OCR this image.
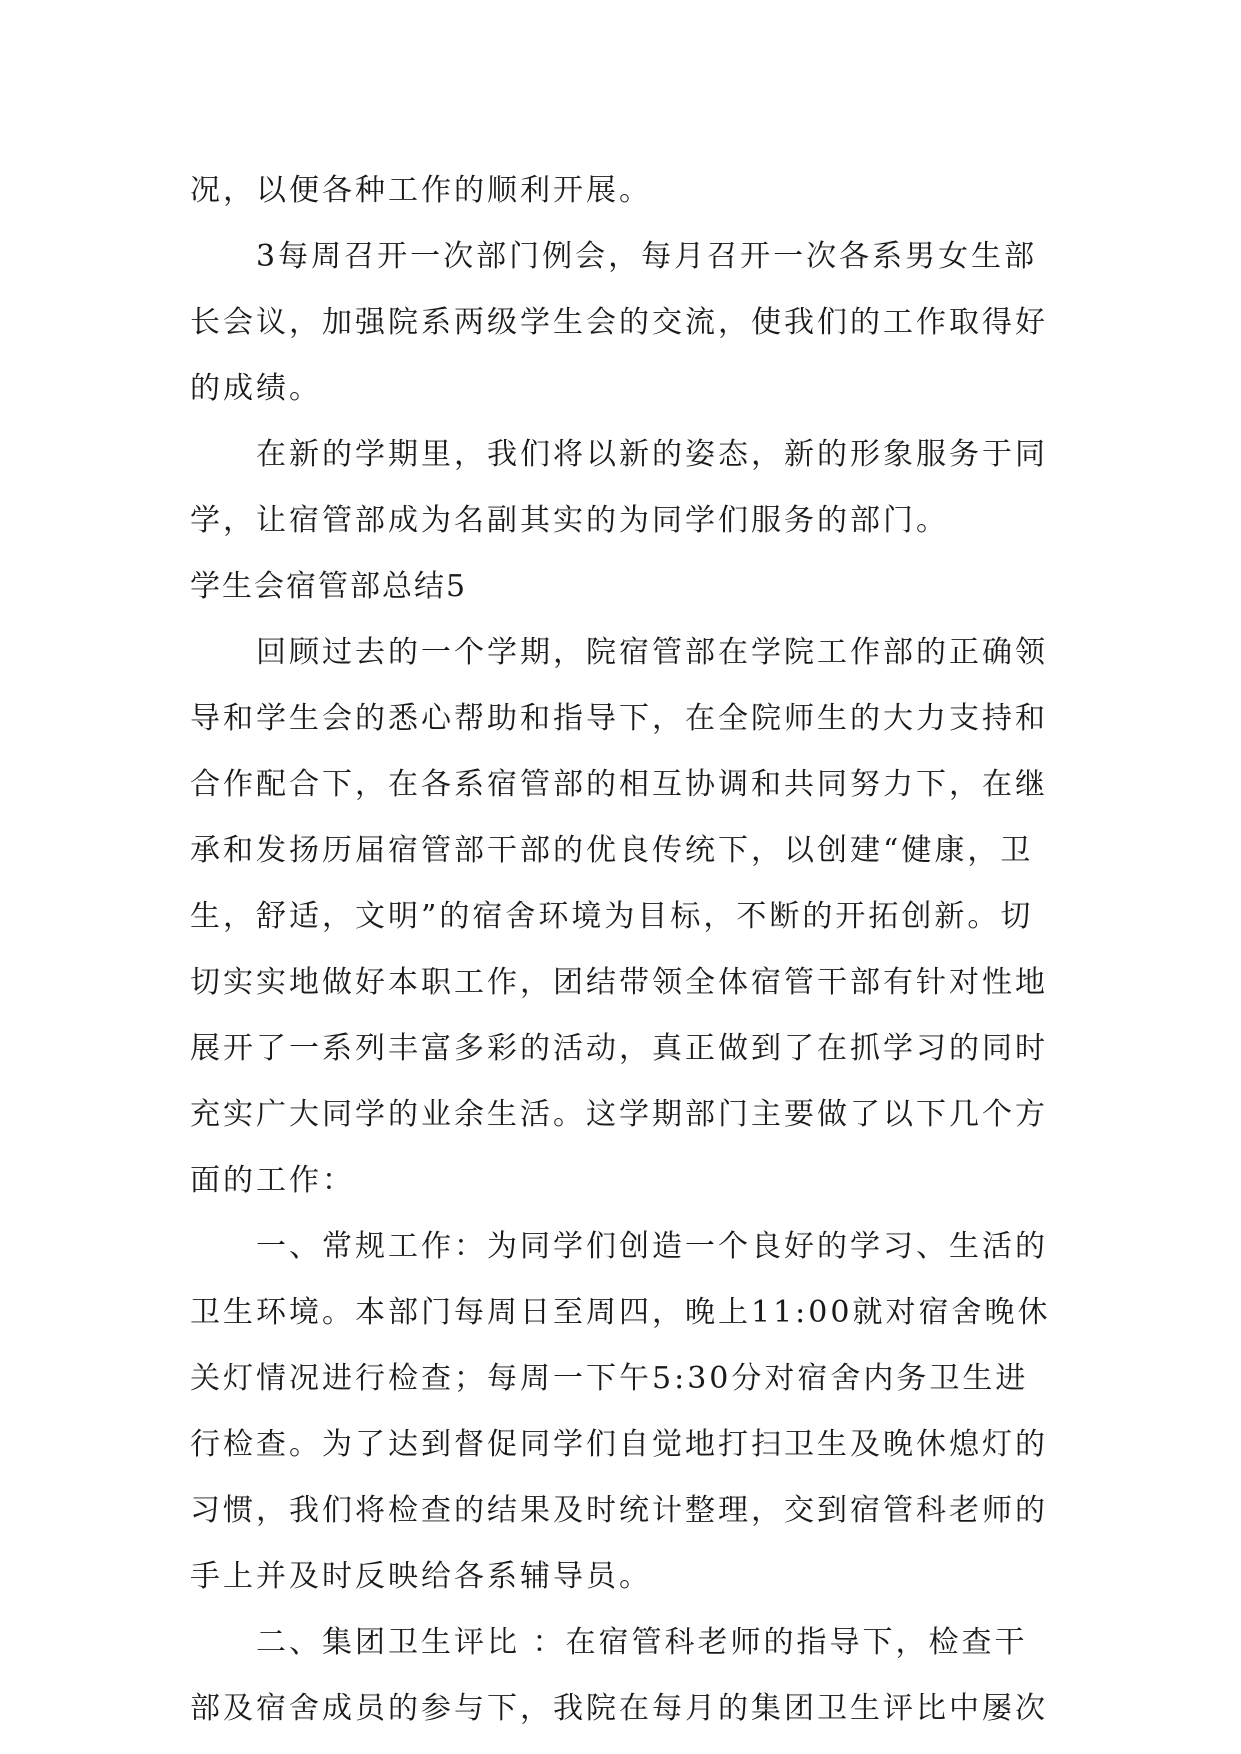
况，以便各种工作的顺利开展。
3每周召开一次部门例会，每月召开一次各系男女生部
长会议，加强院系两级学生会的交流，使我们的工作取得好
的成绩。
在新的学期里，我们将以新的姿态，新的形象服务于同
学，让宿管部成为名副其实的为同学们服务的部门。
学生会宿管部总结5
回顾过去的一个学期，院宿管部在学院工作部的正确领
导和学生会的悉心帮助和指导下，在全院师生的大力支持和
合作配合下，在各系宿管部的相互协调和共同努力下，在继
承和发扬历届宿管部干部的优良传统下，以创建“健康，卫
生，舒适，文明”的宿舍环境为目标，不断的开拓创新。切
切实实地做好本职工作，团结带领全体宿管干部有针对性地
展开了一系列丰富多彩的活动，真正做到了在抓学习的同时
充实广大同学的业余生活。这学期部门主要做了以下几个方
面的工作：
一、常规工作：为同学们创造一个良好的学习、生活的
卫生环境。本部门每周日至周四，晚上11:00就对宿舍晚休
关灯情况进行检查；每周一下午5:30分对宿舍内务卫生进
行检查。为了达到督促同学们自觉地打扫卫生及晚休熄灯的
习惯，我们将检查的结果及时统计整理，交到宿管科老师的
手上并及时反映给各系辅导员。
二、集团卫生评比 ：在宿管科老师的指导下，检查干
部及宿舍成员的参与下，我院在每月的集团卫生评比中屡次
